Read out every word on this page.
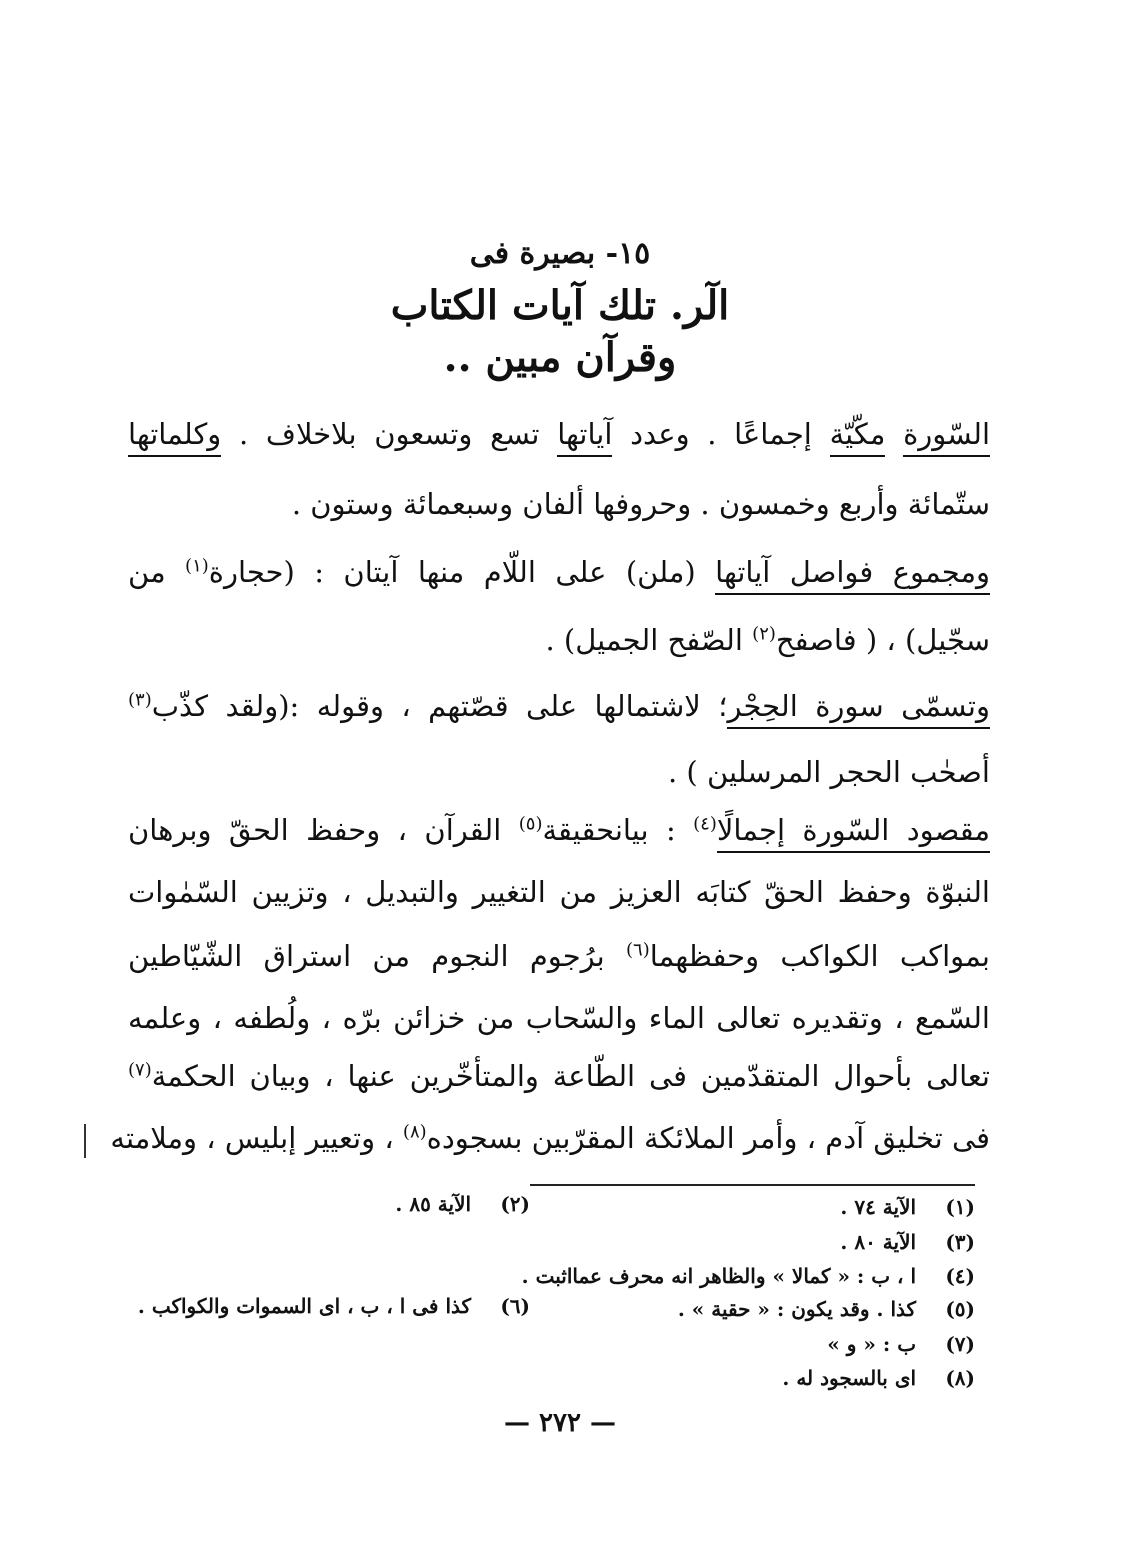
١٥- بصيرة فى
الٓر. تلك آيات الكتاب
وقرآن مبين ..
السّورة مكّيّة إجماعًا . وعدد آياتها تسع وتسعون بلاخلاف . وكلماتها
ستّمائة وأربع وخمسون . وحروفها ألفان وسبعمائة وستون .
ومجموع فواصل آياتها (ملن) على اللّام منها آيتان : (حجارة$^{(١)}$ من
سجّيل) ، ( فاصفح$^{(٢)}$ الصّفح الجميل) .
وتسمّى سورة الحِجْر؛ لاشتمالها على قصّتهم ، وقوله :(ولقد كذّب$^{(٣)}$
أصحٰب الحجر المرسلين ) .
مقصود السّورة إجمالًا$^{(٤)}$ : بيانحقيقة$^{(٥)}$ القرآن ، وحفظ الحقّ وبرهان
النبوّة وحفظ الحقّ كتابَه العزيز من التغيير والتبديل ، وتزيين السّمٰوات
بمواكب الكواكب وحفظهما$^{(٦)}$ برُجوم النجوم من استراق الشّيّاطين
السّمع ، وتقديره تعالى الماء والسّحاب من خزائن برّه ، ولُطفه ، وعلمه
تعالى بأحوال المتقدّمين فى الطّاعة والمتأخّرين عنها ، وبيان الحكمة$^{(٧)}$
فى تخليق آدم ، وأمر الملائكة المقرّبين بسجوده$^{(٨)}$ ، وتعيير إبليس ، وملامته
(١) الآية ٧٤ .
(٢) الآية ٨٥ .
(٣) الآية ٨٠ .
(٤) ا ، ب : « كمالا » والظاهر انه محرف عمااثبت .
(٥) كذا . وقد يكون : « حقية » .
(٦) كذا فى ا ، ب ، اى السموات والكواكب .
(٧) ب : « و »
(٨) اى بالسجود له .
— ٢٧٢ —
